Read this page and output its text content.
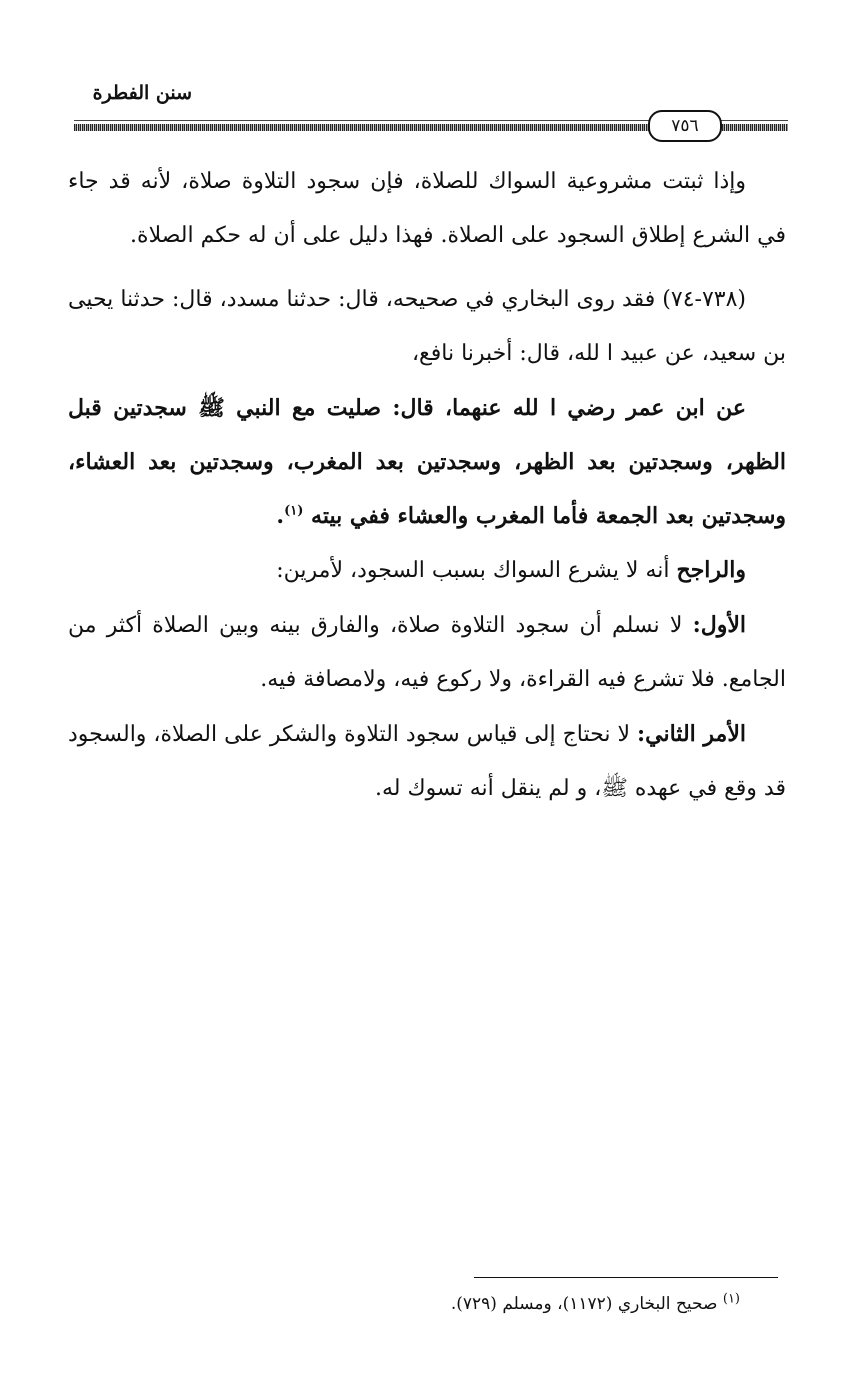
سنن الفطرة
٧٥٦

وإذا ثبتت مشروعية السواك للصلاة، فإن سجود التلاوة صلاة، لأنه قد جاء في الشرع إطلاق السجود على الصلاة. فهذا دليل على أن له حكم الصلاة.

(٧٣٨-٧٤) فقد روى البخاري في صحيحه، قال: حدثنا مسدد، قال: حدثنا يحيى بن سعيد، عن عبيد ا لله، قال: أخبرنا نافع،

عن ابن عمر رضي ا لله عنهما، قال: صليت مع النبي ﷺ سجدتين قبل الظهر، وسجدتين بعد الظهر، وسجدتين بعد المغرب، وسجدتين بعد العشاء، وسجدتين بعد الجمعة فأما المغرب والعشاء ففي بيته $^{(١)}$.

والراجح أنه لا يشرع السواك بسبب السجود، لأمرين:

الأول: لا نسلم أن سجود التلاوة صلاة، والفارق بينه وبين الصلاة أكثر من الجامع. فلا تشرع فيه القراءة، ولا ركوع فيه، ولامصافة فيه.

الأمر الثاني: لا نحتاج إلى قياس سجود التلاوة والشكر على الصلاة، والسجود قد وقع في عهده ﷺ، و لم ينقل أنه تسوك له.

$^{(١)}$ صحيح البخاري (١١٧٢)، ومسلم (٧٢٩).
